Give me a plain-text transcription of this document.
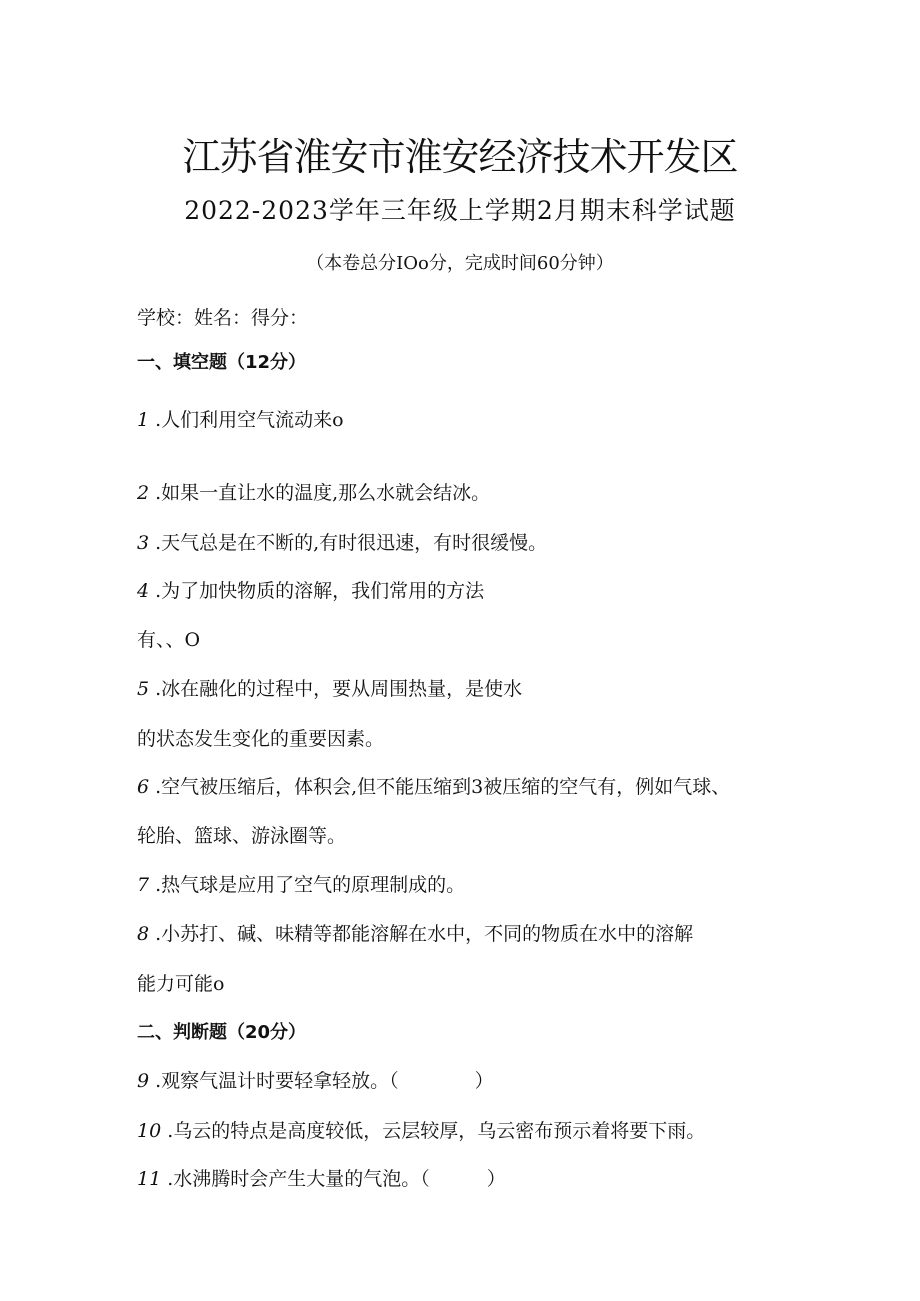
江苏省淮安市淮安经济技术开发区
2022-2023学年三年级上学期2月期末科学试题
（本卷总分IOo分，完成时间60分钟）
学校：姓名：得分：
一、填空题（12分）
1 .人们利用空气流动来o
2 .如果一直让水的温度,那么水就会结冰。
3 .天气总是在不断的,有时很迅速，有时很缓慢。
4 .为了加快物质的溶解，我们常用的方法
有、、O
5 .冰在融化的过程中，要从周围热量，是使水
的状态发生变化的重要因素。
6 .空气被压缩后，体积会,但不能压缩到3被压缩的空气有，例如气球、
轮胎、篮球、游泳圈等。
7 .热气球是应用了空气的原理制成的。
8 .小苏打、碱、味精等都能溶解在水中，不同的物质在水中的溶解
能力可能o
二、判断题（20分）
9 .观察气温计时要轻拿轻放。（　　　　）
10 .乌云的特点是高度较低，云层较厚，乌云密布预示着将要下雨。
11 .水沸腾时会产生大量的气泡。（　　　）
